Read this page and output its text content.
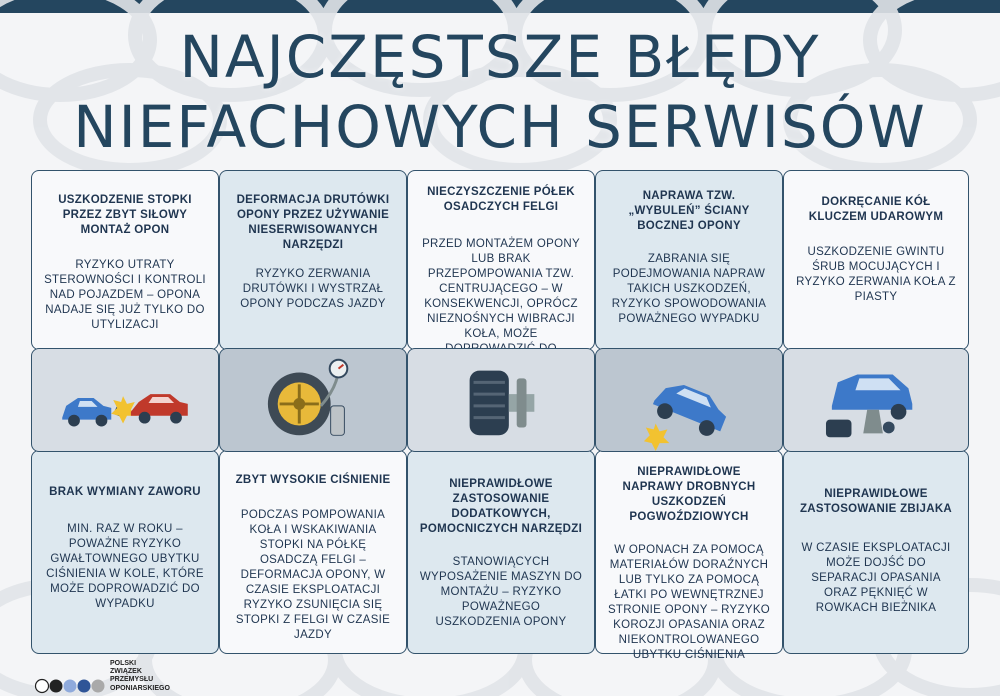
NAJCZĘSTSZE BŁĘDY
NIEFACHOWYCH SERWISÓW
USZKODZENIE STOPKI PRZEZ ZBYT SIŁOWY MONTAŻ OPON

RYZYKO UTRATY STEROWNOŚCI I KONTROLI NAD POJAZDEM – OPONA NADAJE SIĘ JUŻ TYLKO DO UTYLIZACJI

DEFORMACJA DRUTÓWKI OPONY PRZEZ UŻYWANIE NIESERWISOWANYCH NARZĘDZI

RYZYKO ZERWANIA DRUTÓWKI I WYSTRZAŁ OPONY PODCZAS JAZDY

NIECZYSZCZENIE PÓŁEK OSADCZYCH FELGI

PRZED MONTAŻEM OPONY LUB BRAK PRZEPOMPOWANIA TZW. CENTRUJĄCEGO – W KONSEKWENCJI, OPRÓCZ NIEZNOŚNYCH WIBRACJI KOŁA, MOŻE

NAPRAWA TZW. „WYBULEŃ” ŚCIANY BOCZNEJ OPONY

ZABRANIA SIĘ PODEJMOWANIA NAPRAW TAKICH USZKODZEŃ, RYZYKO SPOWODOWANIA POWAŻNEGO WYPADKU

DOKRĘCANIE KÓŁ KLUCZEM UDAROWYM

USZKODZENIE GWINTU ŚRUB MOCUJĄCYCH I RYZYKO ZERWANIA KOŁA Z PIASTY

BRAK WYMIANY ZAWORU

MIN. RAZ W ROKU – POWAŻNE RYZYKO GWAŁTOWNEGO UBYTKU CIŚNIENIA W KOLE, KTÓRE MOŻE DOPROWADZIĆ DO WYPADKU

ZBYT WYSOKIE CIŚNIENIE

PODCZAS POMPOWANIA KOŁA I WSKAKIWANIA STOPKI NA PÓŁKĘ OSADCZĄ FELGI – DEFORMACJA OPONY, W CZASIE EKSPLOATACJI RYZYKO ZSUNIĘCIA SIĘ STOPKI Z FELGI W CZASIE JAZDY

NIEPRAWIDŁOWE ZASTOSOWANIE DODATKOWYCH, POMOCNICZYCH NARZĘDZI

STANOWIĄCYCH WYPOSAŻENIE MASZYN DO MONTAŻU – RYZYKO POWAŻNEGO USZKODZENIA OPONY

NIEPRAWIDŁOWE NAPRAWY DROBNYCH USZKODZEŃ POGWOŹDZIOWYCH

W OPONACH ZA POMOCĄ MATERIAŁÓW DORAŹNYCH LUB TYLKO ZA POMOCĄ ŁATKI PO WEWNĘTRZNEJ STRONIE OPONY – RYZYKO KOROZJI OPASANIA ORAZ NIEKONTROLOWANEGO UBYTKU CIŚNIENIA

NIEPRAWIDŁOWE ZASTOSOWANIE ZBIJAKA

W CZASIE EKSPLOATACJI MOŻE DOJŚĆ DO SEPARACJI OPASANIA ORAZ PĘKNIĘĆ W ROWKACH BIEŻNIKA

POLSKI
ZWIĄZEK
PRZEMYSŁU
OPONIARSKIEGO
